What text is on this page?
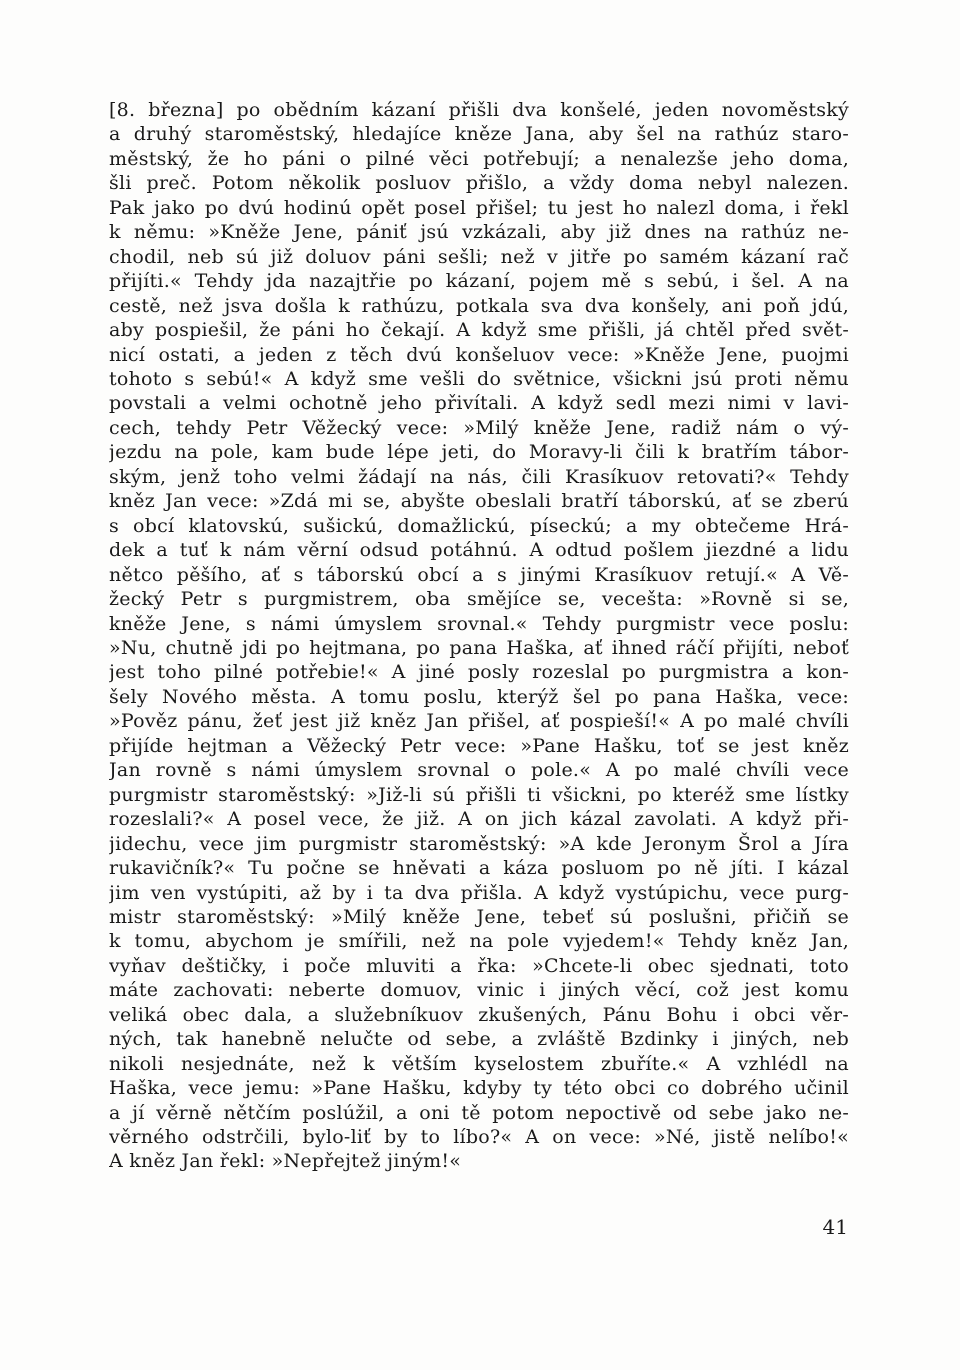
[8. března] po obědním kázaní přišli dva konšelé, jeden novoměstský
a druhý staroměstský, hledajíce kněze Jana, aby šel na rathúz staro-
městský, že ho páni o pilné věci potřebují; a nenalezše jeho doma,
šli preč. Potom několik posluov přišlo, a vždy doma nebyl nalezen.
Pak jako po dvú hodinú opět posel přišel; tu jest ho nalezl doma, i řekl
k němu: »Kněže Jene, pániť jsú vzkázali, aby již dnes na rathúz ne-
chodil, neb sú již doluov páni sešli; než v jitře po samém kázaní rač
přijíti.« Tehdy jda nazajtřie po kázaní, pojem mě s sebú, i šel. A na
cestě, než jsva došla k rathúzu, potkala sva dva konšely, ani poň jdú,
aby pospiešil, že páni ho čekají. A když sme přišli, já chtěl před svět-
nicí ostati, a jeden z těch dvú konšeluov vece: »Kněže Jene, puojmi
tohoto s sebú!« A když sme vešli do světnice, všickni jsú proti němu
povstali a velmi ochotně jeho přivítali. A když sedl mezi nimi v lavi-
cech, tehdy Petr Věžecký vece: »Milý kněže Jene, radiž nám o vý-
jezdu na pole, kam bude lépe jeti, do Moravy-li čili k bratřím tábor-
ským, jenž toho velmi žádají na nás, čili Krasíkuov retovati?« Tehdy
kněz Jan vece: »Zdá mi se, abyšte obeslali bratří táborskú, ať se zberú
s obcí klatovskú, sušickú, domažlickú, píseckú; a my obtečeme Hrá-
dek a tuť k nám věrní odsud potáhnú. A odtud pošlem jiezdné a lidu
nětco pěšího, ať s táborskú obcí a s jinými Krasíkuov retují.« A Vě-
žecký Petr s purgmistrem, oba smějíce se, vecešta: »Rovně si se,
kněže Jene, s námi úmyslem srovnal.« Tehdy purgmistr vece poslu:
»Nu, chutně jdi po hejtmana, po pana Haška, ať ihned ráčí přijíti, neboť
jest toho pilné potřebie!« A jiné posly rozeslal po purgmistra a kon-
šely Nového města. A tomu poslu, kterýž šel po pana Haška, vece:
»Pověz pánu, žeť jest již kněz Jan přišel, ať pospieší!« A po malé chvíli
přijíde hejtman a Věžecký Petr vece: »Pane Hašku, toť se jest kněz
Jan rovně s námi úmyslem srovnal o pole.« A po malé chvíli vece
purgmistr staroměstský: »Již-li sú přišli ti všickni, po kteréž sme lístky
rozeslali?« A posel vece, že již. A on jich kázal zavolati. A když při-
jidechu, vece jim purgmistr staroměstský: »A kde Jeronym Šrol a Jíra
rukavičník?« Tu počne se hněvati a káza posluom po ně jíti. I kázal
jim ven vystúpiti, až by i ta dva přišla. A když vystúpichu, vece purg-
mistr staroměstský: »Milý kněže Jene, tebeť sú poslušni, přičiň se
k tomu, abychom je smířili, než na pole vyjedem!« Tehdy kněz Jan,
vyňav deštičky, i poče mluviti a řka: »Chcete-li obec sjednati, toto
máte zachovati: neberte domuov, vinic i jiných věcí, což jest komu
veliká obec dala, a služebníkuov zkušených, Pánu Bohu i obci věr-
ných, tak hanebně nelučte od sebe, a zvláště Bzdinky i jiných, neb
nikoli nesjednáte, než k větším kyselostem zbuříte.« A vzhlédl na
Haška, vece jemu: »Pane Hašku, kdyby ty této obci co dobrého učinil
a jí věrně nětčím poslúžil, a oni tě potom nepoctivě od sebe jako ne-
věrného odstrčili, bylo-liť by to líbo?« A on vece: »Né, jistě nelíbo!«
A kněz Jan řekl: »Nepřejtež jiným!«
41
